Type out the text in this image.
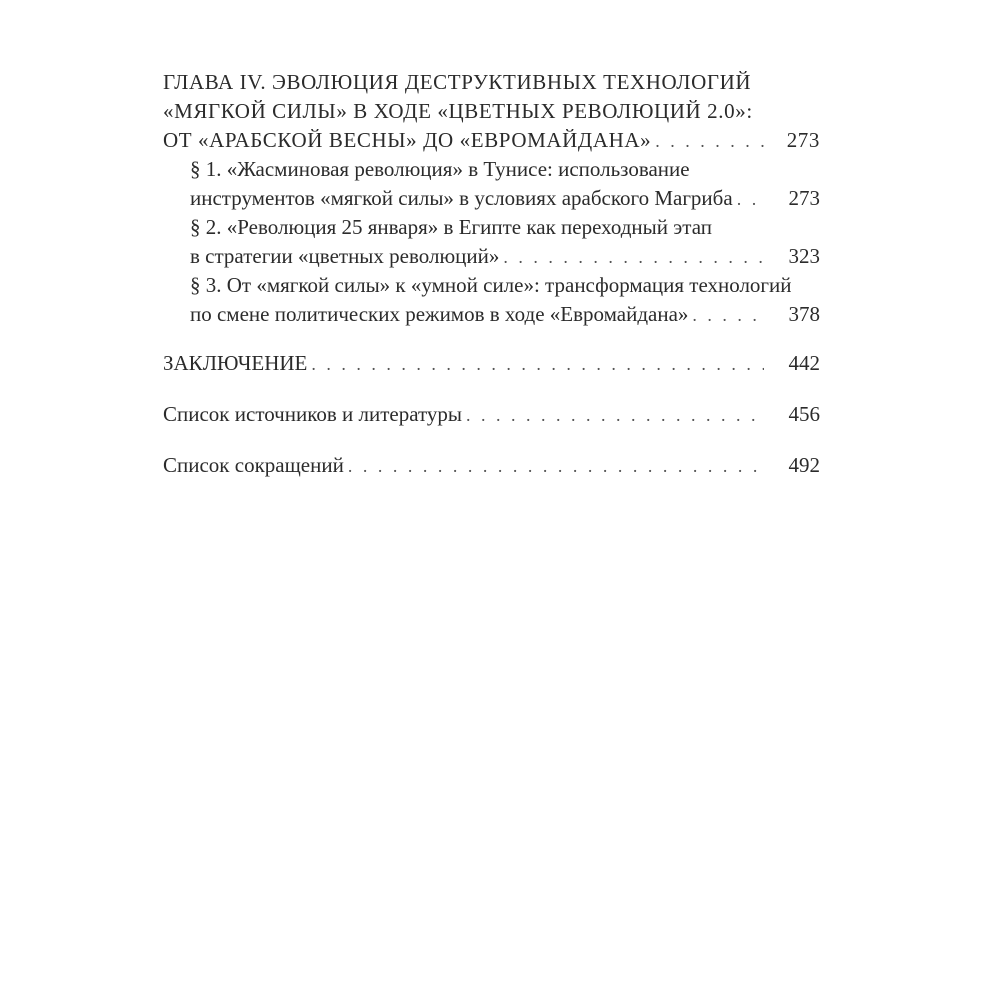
ГЛАВА IV. ЭВОЛЮЦИЯ ДЕСТРУКТИВНЫХ ТЕХНОЛОГИЙ
«МЯГКОЙ СИЛЫ» В ХОДЕ «ЦВЕТНЫХ РЕВОЛЮЦИЙ 2.0»:
ОТ «АРАБСКОЙ ВЕСНЫ» ДО «ЕВРОМАЙДАНА» . . .	273
§ 1. «Жасминовая революция» в Тунисе: использование
инструментов «мягкой силы» в условиях арабского Магриба . . .	273
§ 2. «Революция 25 января» в Египте как переходный этап
в стратегии «цветных революций» . . .	323
§ 3. От «мягкой силы» к «умной силе»: трансформация технологий
по смене политических режимов в ходе «Евромайдана» . . .	378
ЗАКЛЮЧЕНИЕ . . .	442
Список источников и литературы . . .	456
Список сокращений . . .	492
